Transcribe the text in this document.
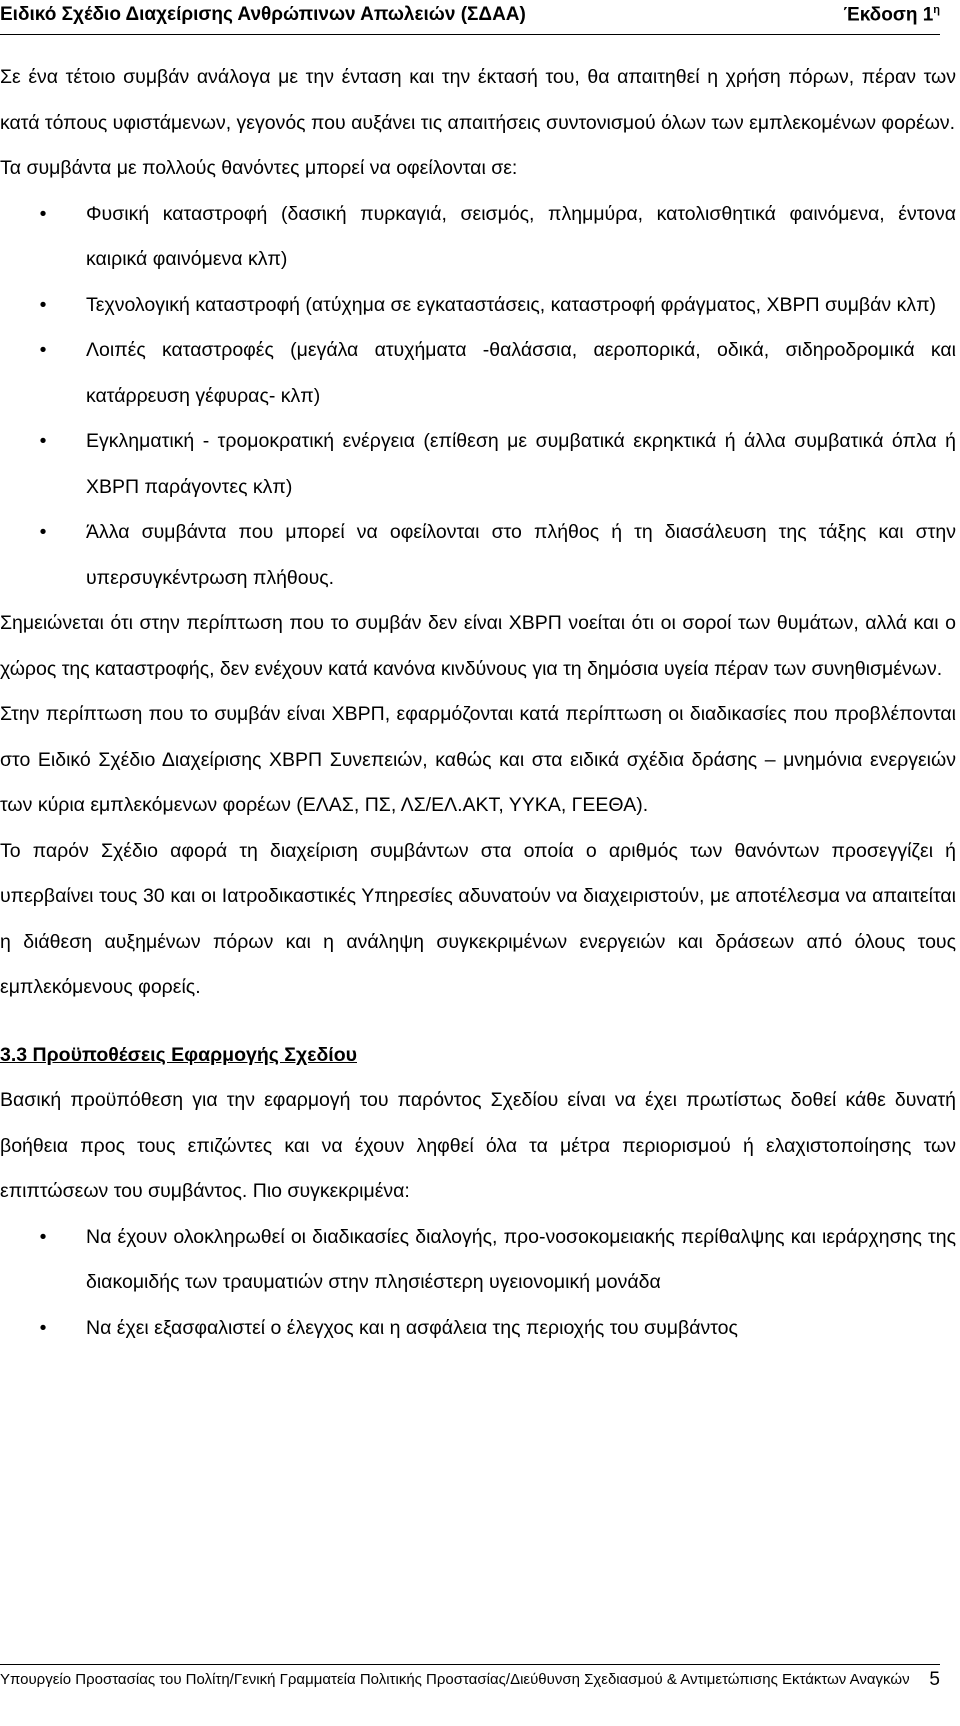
Ειδικό Σχέδιο Διαχείρισης Ανθρώπινων Απωλειών (ΣΔΑΑ)	Έκδοση $1^\eta$

Σε ένα τέτοιο συμβάν ανάλογα με την ένταση και την έκτασή του, θα απαιτηθεί η χρήση πόρων, πέραν των κατά τόπους υφιστάμενων, γεγονός που αυξάνει τις απαιτήσεις συντονισμού όλων των εμπλεκομένων φορέων.

Τα συμβάντα με πολλούς θανόντες μπορεί να οφείλονται σε:

• Φυσική καταστροφή (δασική πυρκαγιά, σεισμός, πλημμύρα, κατολισθητικά φαινόμενα, έντονα καιρικά φαινόμενα κλπ)
• Τεχνολογική καταστροφή (ατύχημα σε εγκαταστάσεις, καταστροφή φράγματος, ΧΒΡΠ συμβάν κλπ)
• Λοιπές καταστροφές (μεγάλα ατυχήματα -θαλάσσια, αεροπορικά, οδικά, σιδηροδρομικά και κατάρρευση γέφυρας- κλπ)
• Εγκληματική - τρομοκρατική ενέργεια (επίθεση με συμβατικά εκρηκτικά ή άλλα συμβατικά όπλα ή ΧΒΡΠ παράγοντες κλπ)
• Άλλα συμβάντα που μπορεί να οφείλονται στο πλήθος ή τη διασάλευση της τάξης και στην υπερσυγκέντρωση πλήθους.

Σημειώνεται ότι στην περίπτωση που το συμβάν δεν είναι ΧΒΡΠ νοείται ότι οι σοροί των θυμάτων, αλλά και ο χώρος της καταστροφής, δεν ενέχουν κατά κανόνα κινδύνους για τη δημόσια υγεία πέραν των συνηθισμένων.

Στην περίπτωση που το συμβάν είναι ΧΒΡΠ, εφαρμόζονται κατά περίπτωση οι διαδικασίες που προβλέπονται στο Ειδικό Σχέδιο Διαχείρισης ΧΒΡΠ Συνεπειών, καθώς και στα ειδικά σχέδια δράσης – μνημόνια ενεργειών των κύρια εμπλεκόμενων φορέων (ΕΛΑΣ, ΠΣ, ΛΣ/ΕΛ.ΑΚΤ, ΥΥΚΑ, ΓΕΕΘΑ).

Το παρόν Σχέδιο αφορά τη διαχείριση συμβάντων στα οποία ο αριθμός των θανόντων προσεγγίζει ή υπερβαίνει τους 30 και οι Ιατροδικαστικές Υπηρεσίες αδυνατούν να διαχειριστούν, με αποτέλεσμα να απαιτείται η διάθεση αυξημένων πόρων και η ανάληψη συγκεκριμένων ενεργειών και δράσεων από όλους τους εμπλεκόμενους φορείς.

3.3 Προϋποθέσεις Εφαρμογής Σχεδίου

Βασική προϋπόθεση για την εφαρμογή του παρόντος Σχεδίου είναι να έχει πρωτίστως δοθεί κάθε δυνατή βοήθεια προς τους επιζώντες και να έχουν ληφθεί όλα τα μέτρα περιορισμού ή ελαχιστοποίησης των επιπτώσεων του συμβάντος. Πιο συγκεκριμένα:

• Να έχουν ολοκληρωθεί οι διαδικασίες διαλογής, προ-νοσοκομειακής περίθαλψης και ιεράρχησης της διακομιδής των τραυματιών στην πλησιέστερη υγειονομική μονάδα
• Να έχει εξασφαλιστεί ο έλεγχος και η ασφάλεια της περιοχής του συμβάντος
Υπουργείο Προστασίας του Πολίτη/Γενική Γραμματεία Πολιτικής Προστασίας/Διεύθυνση Σχεδιασμού & Αντιμετώπισης Εκτάκτων Αναγκών 5
